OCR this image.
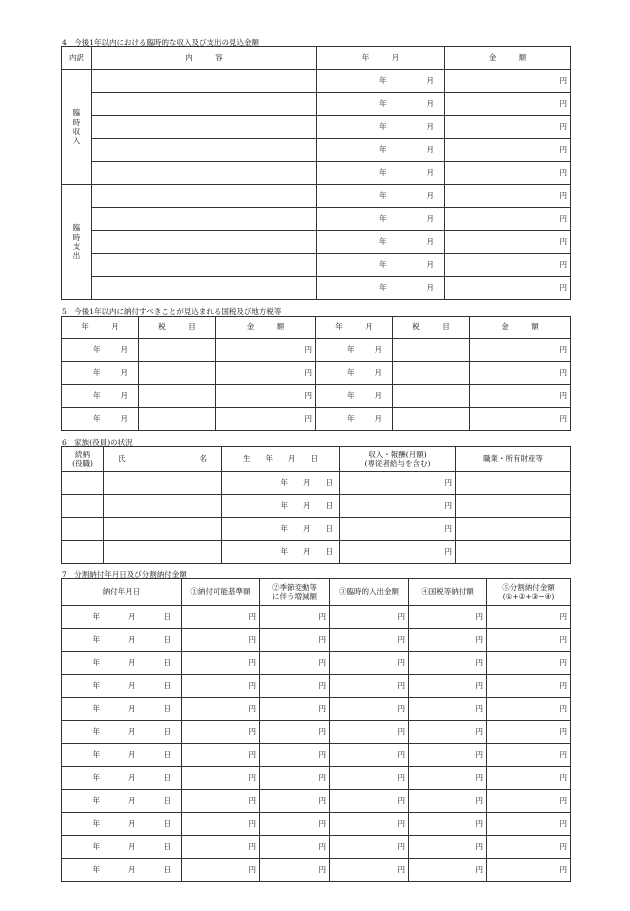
4　今後1年以内における臨時的な収入及び支出の見込金額
内訳	内　　　容	年　　　月	金　　　額

臨
時
収
入		年 月	円

		年 月	円

		年 月	円

		年 月	円

		年 月	円

臨
時
支
出		年 月	円

		年 月	円

		年 月	円

		年 月	円

		年 月	円
5　今後1年以内に納付すべきことが見込まれる国税及び地方税等
年　　　月	税　　　目	金　　　額	年　　　月	税　　　目	金　　　額

年 月		円	年 月		円

年 月		円	年 月		円

年 月		円	年 月		円

年 月		円	年 月		円
6　家族(役員)の状況
続柄
(役職)	氏 名	生　　年　　月　　日	収入・報酬(月額)
(専従者給与を含む)	職業・所有財産等

		年 月 日	円	

		年 月 日	円	

		年 月 日	円	

		年 月 日	円	
7　分割納付年月日及び分割納付金額
納付年月日	①納付可能基準額	②季節変動等
に伴う増減額	③臨時的入出金額	④国税等納付額	⑤分割納付金額
(①+②+③−④)

年 月 日	円	円	円	円	円

年 月 日	円	円	円	円	円

年 月 日	円	円	円	円	円

年 月 日	円	円	円	円	円

年 月 日	円	円	円	円	円

年 月 日	円	円	円	円	円

年 月 日	円	円	円	円	円

年 月 日	円	円	円	円	円

年 月 日	円	円	円	円	円

年 月 日	円	円	円	円	円

年 月 日	円	円	円	円	円

年 月 日	円	円	円	円	円
